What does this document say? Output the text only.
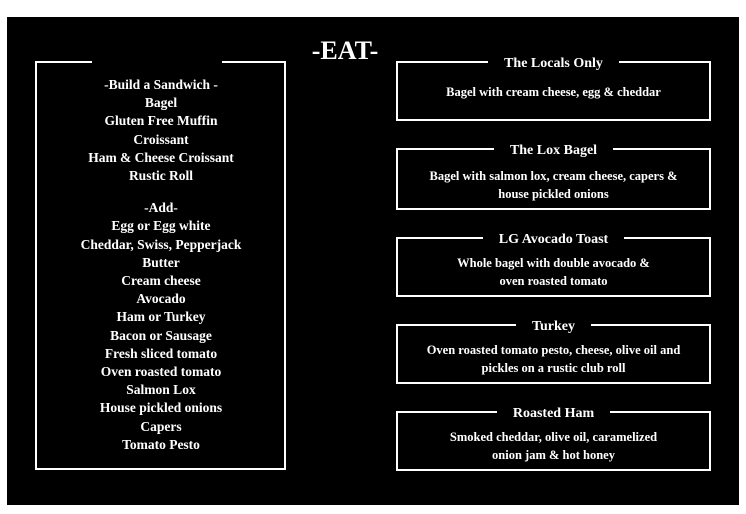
-EAT-
-Build a Sandwich -
Bagel
Gluten Free Muffin
Croissant
Ham & Cheese Croissant
Rustic Roll
-Add-
Egg or Egg white
Cheddar, Swiss, Pepperjack
Butter
Cream cheese
Avocado
Ham or Turkey
Bacon or Sausage
Fresh sliced tomato
Oven roasted tomato
Salmon Lox
House pickled onions
Capers
Tomato Pesto
The Locals Only
Bagel with cream cheese, egg & cheddar
The Lox Bagel
Bagel with salmon lox, cream cheese, capers &
house pickled onions
LG Avocado Toast
Whole bagel with double avocado &
oven roasted tomato
Turkey
Oven roasted tomato pesto, cheese, olive oil and
pickles on a rustic club roll
Roasted Ham
Smoked cheddar, olive oil, caramelized
onion jam & hot honey
